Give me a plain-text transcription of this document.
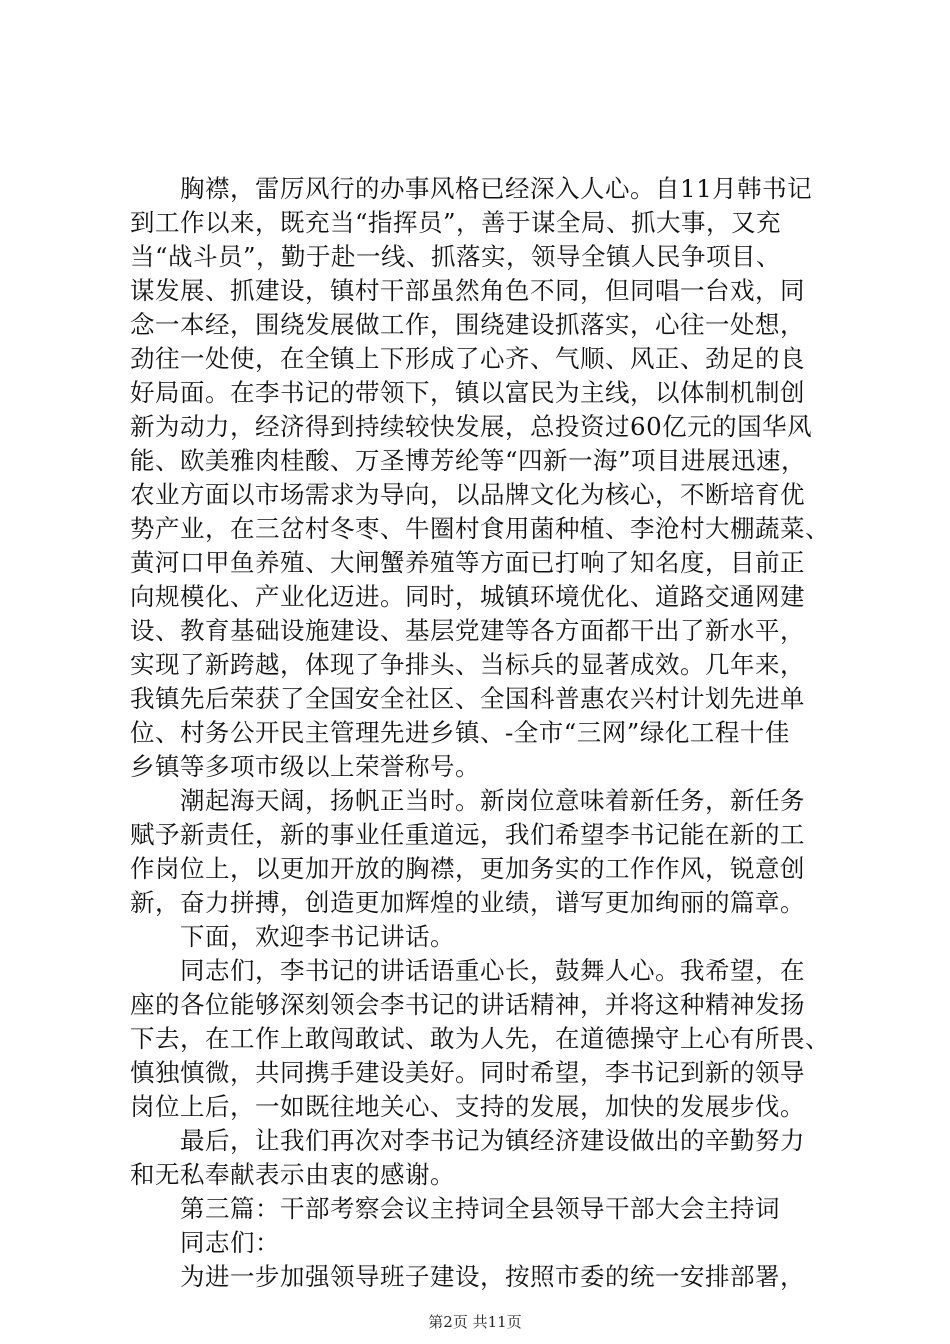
　　胸襟，雷厉风行的办事风格已经深入人心。自11月韩书记
到工作以来，既充当“指挥员”，善于谋全局、抓大事，又充
当“战斗员”，勤于赴一线、抓落实，领导全镇人民争项目、
谋发展、抓建设，镇村干部虽然角色不同，但同唱一台戏，同
念一本经，围绕发展做工作，围绕建设抓落实，心往一处想，
劲往一处使，在全镇上下形成了心齐、气顺、风正、劲足的良
好局面。在李书记的带领下，镇以富民为主线，以体制机制创
新为动力，经济得到持续较快发展，总投资过60亿元的国华风
能、欧美雅肉桂酸、万圣博芳纶等“四新一海”项目进展迅速，
农业方面以市场需求为导向，以品牌文化为核心，不断培育优
势产业，在三岔村冬枣、牛圈村食用菌种植、李沧村大棚蔬菜、
黄河口甲鱼养殖、大闸蟹养殖等方面已打响了知名度，目前正
向规模化、产业化迈进。同时，城镇环境优化、道路交通网建
设、教育基础设施建设、基层党建等各方面都干出了新水平，
实现了新跨越，体现了争排头、当标兵的显著成效。几年来，
我镇先后荣获了全国安全社区、全国科普惠农兴村计划先进单
位、村务公开民主管理先进乡镇、-全市“三网”绿化工程十佳
乡镇等多项市级以上荣誉称号。
　　潮起海天阔，扬帆正当时。新岗位意味着新任务，新任务
赋予新责任，新的事业任重道远，我们希望李书记能在新的工
作岗位上，以更加开放的胸襟，更加务实的工作作风，锐意创
新，奋力拼搏，创造更加辉煌的业绩，谱写更加绚丽的篇章。
　　下面，欢迎李书记讲话。
　　同志们，李书记的讲话语重心长，鼓舞人心。我希望，在
座的各位能够深刻领会李书记的讲话精神，并将这种精神发扬
下去，在工作上敢闯敢试、敢为人先，在道德操守上心有所畏、
慎独慎微，共同携手建设美好。同时希望，李书记到新的领导
岗位上后，一如既往地关心、支持的发展，加快的发展步伐。
　　最后，让我们再次对李书记为镇经济建设做出的辛勤努力
和无私奉献表示由衷的感谢。
　　第三篇：干部考察会议主持词全县领导干部大会主持词
　　同志们：
　　为进一步加强领导班子建设，按照市委的统一安排部署，
第2页 共11页
